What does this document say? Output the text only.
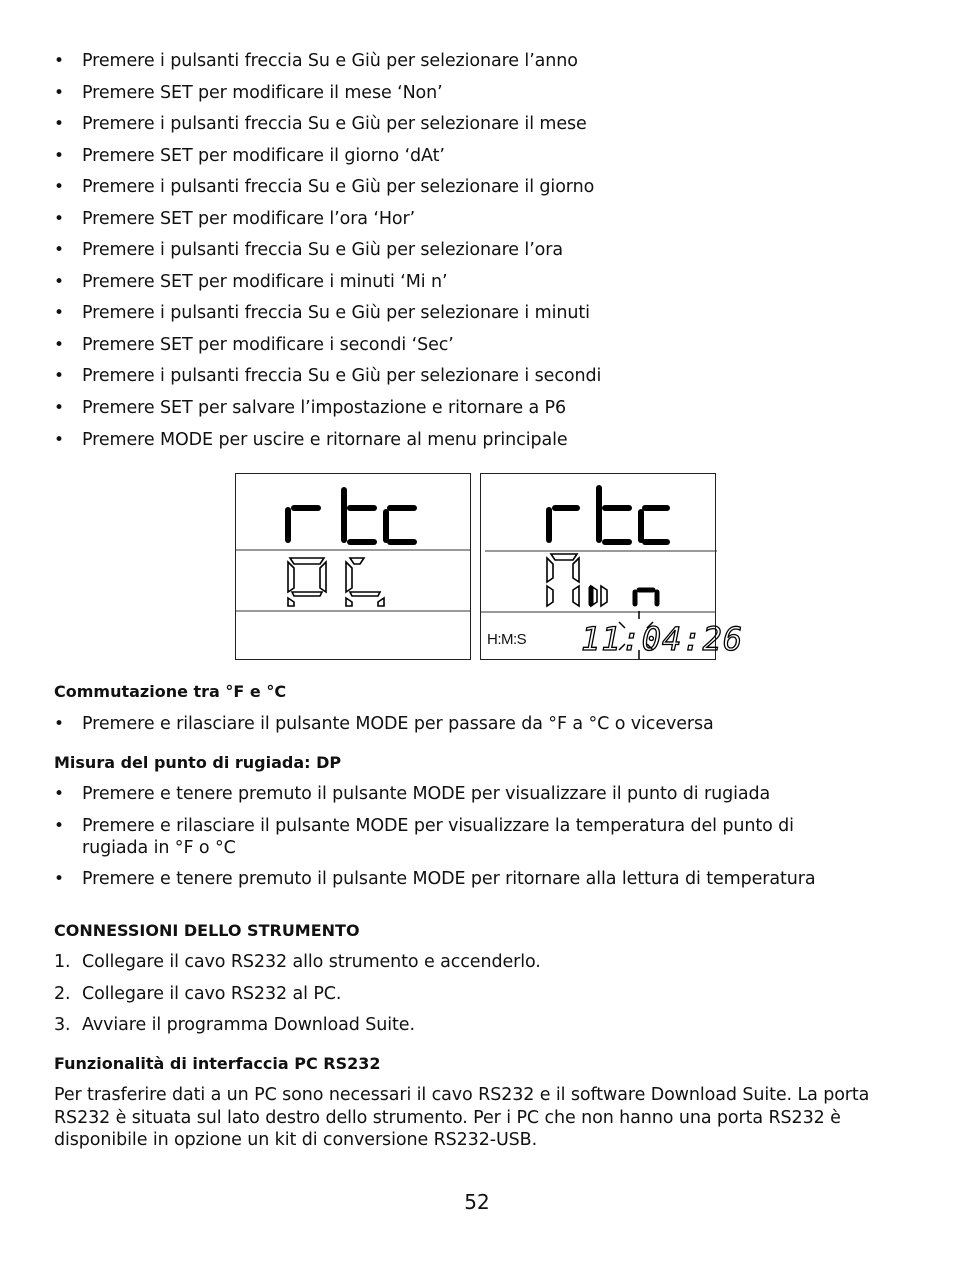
• Premere i pulsanti freccia Su e Giù per selezionare l’anno
• Premere SET per modificare il mese ‘Non’
• Premere i pulsanti freccia Su e Giù per selezionare il mese
• Premere SET per modificare il giorno ‘dAt’
• Premere i pulsanti freccia Su e Giù per selezionare il giorno
• Premere SET per modificare l’ora ‘Hor’
• Premere i pulsanti freccia Su e Giù per selezionare l’ora
• Premere SET per modificare i minuti ‘Mi n’
• Premere i pulsanti freccia Su e Giù per selezionare i minuti
• Premere SET per modificare i secondi ‘Sec’
• Premere i pulsanti freccia Su e Giù per selezionare i secondi
• Premere SET per salvare l’impostazione e ritornare a P6
• Premere MODE per uscire e ritornare al menu principale
H:M:S 11:04:26
Commutazione tra °F e °C
• Premere e rilasciare il pulsante MODE per passare da °F a °C o viceversa
Misura del punto di rugiada: DP
• Premere e tenere premuto il pulsante MODE per visualizzare il punto di rugiada
• Premere e rilasciare il pulsante MODE per visualizzare la temperatura del punto di
rugiada in °F o °C
• Premere e tenere premuto il pulsante MODE per ritornare alla lettura di temperatura
CONNESSIONI DELLO STRUMENTO
1. Collegare il cavo RS232 allo strumento e accenderlo.
2. Collegare il cavo RS232 al PC.
3. Avviare il programma Download Suite.
Funzionalità di interfaccia PC RS232
Per trasferire dati a un PC sono necessari il cavo RS232 e il software Download Suite. La porta RS232 è situata sul lato destro dello strumento. Per i PC che non hanno una porta RS232 è disponibile in opzione un kit di conversione RS232-USB.
52
